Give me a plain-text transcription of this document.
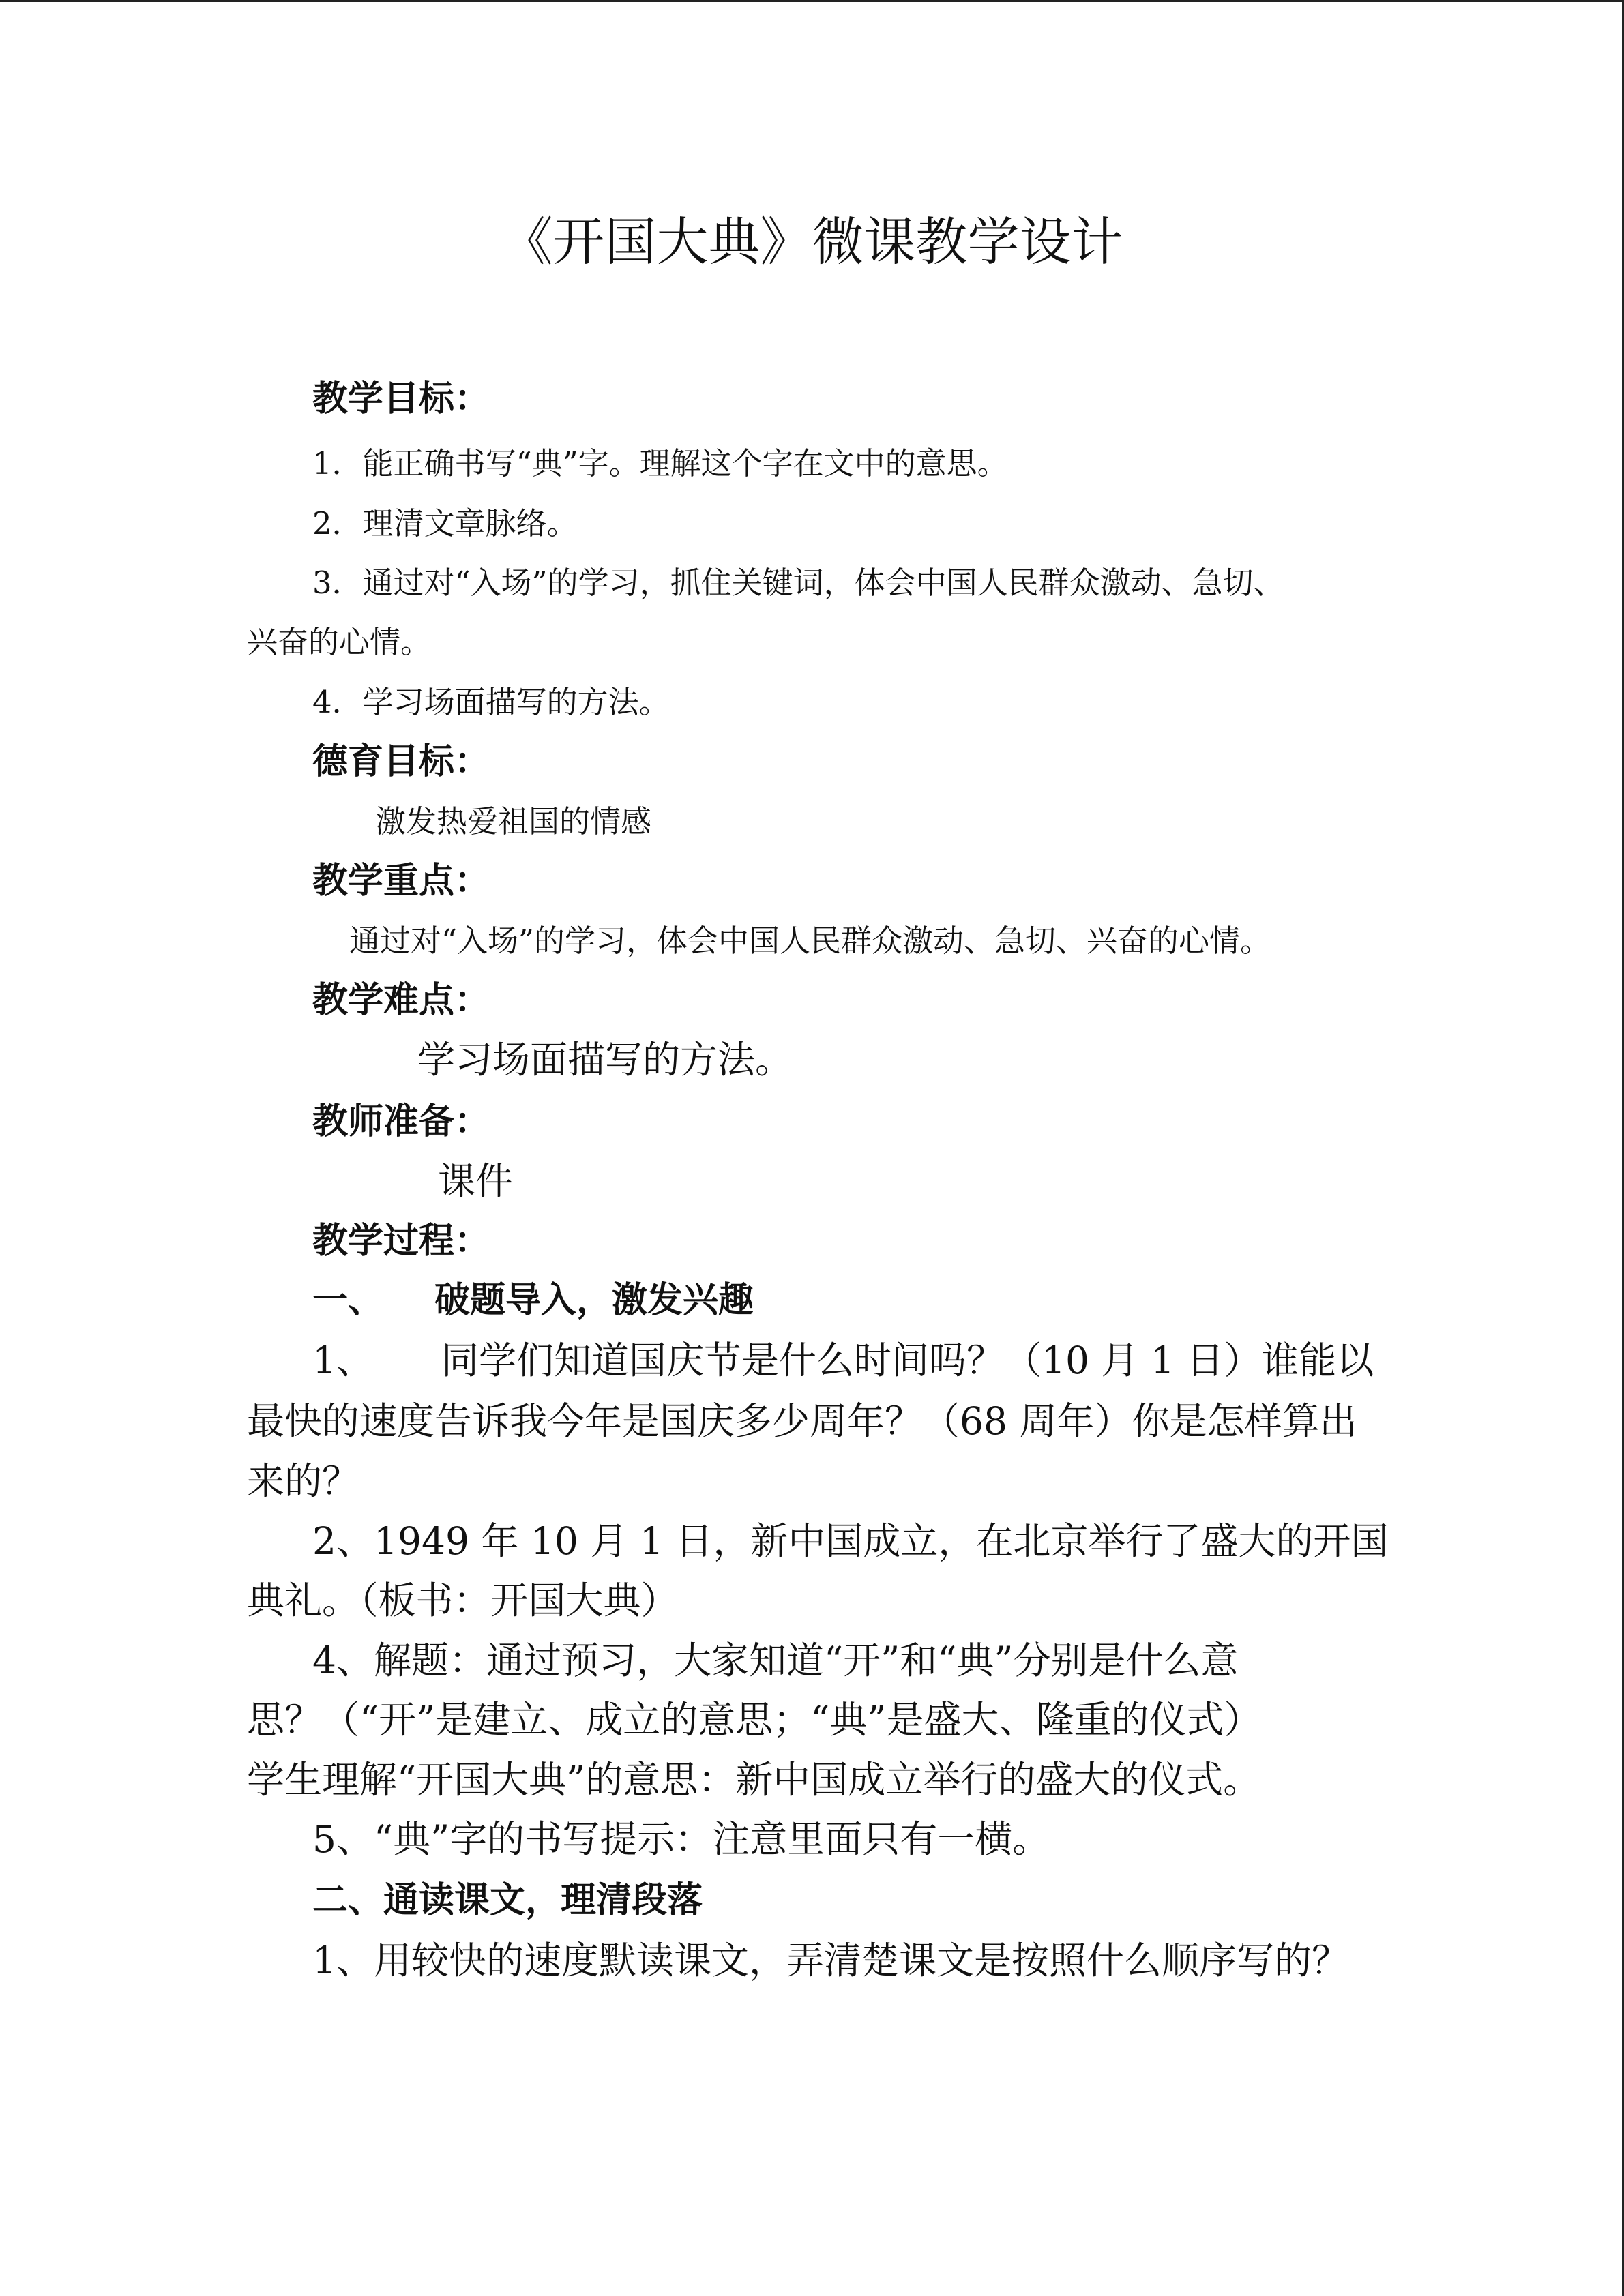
《开国大典》微课教学设计
教学目标：
1．能正确书写“典”字。理解这个字在文中的意思。
2．理清文章脉络。
3．通过对“入场”的学习，抓住关键词，体会中国人民群众激动、急切、
兴奋的心情。
4．学习场面描写的方法。
德育目标：
激发热爱祖国的情感
教学重点：
通过对“入场”的学习，体会中国人民群众激动、急切、兴奋的心情。
教学难点：
学习场面描写的方法。
教师准备：
课件
教学过程：
一、 破题导入，激发兴趣
1、 同学们知道国庆节是什么时间吗？（10 月 1 日）谁能以
最快的速度告诉我今年是国庆多少周年？（68 周年）你是怎样算出
来的？
2、1949 年 10 月 1 日，新中国成立，在北京举行了盛大的开国
典礼。（板书：开国大典）
4、解题：通过预习，大家知道“开”和“典”分别是什么意
思？（“开”是建立、成立的意思；“典”是盛大、隆重的仪式）
学生理解“开国大典”的意思：新中国成立举行的盛大的仪式。
5、“典”字的书写提示：注意里面只有一横。
二、通读课文，理清段落
1、用较快的速度默读课文，弄清楚课文是按照什么顺序写的？
